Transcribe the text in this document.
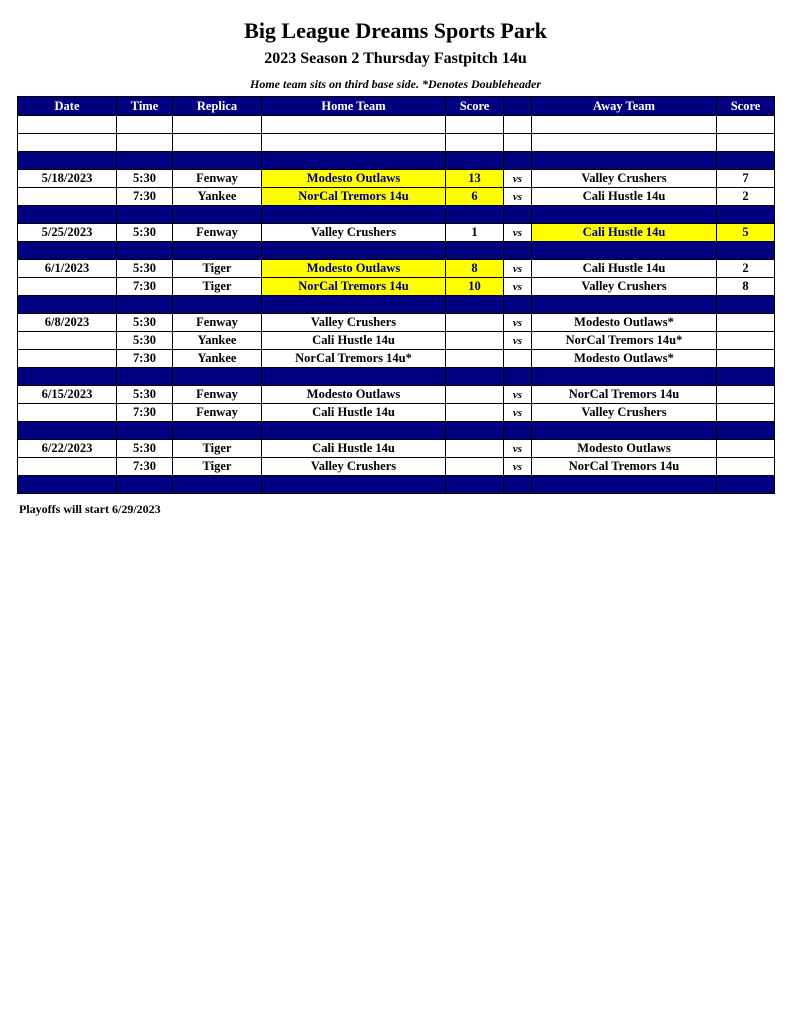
Big League Dreams Sports Park
2023 Season 2 Thursday Fastpitch 14u
Home team sits on third base side. *Denotes Doubleheader
Date	Time	Replica	Home Team	Score		Away Team	Score

5/18/2023	5:30	Fenway	Modesto Outlaws	13	vs	Valley Crushers	7
	7:30	Yankee	NorCal Tremors 14u	6	vs	Cali Hustle 14u	2

5/25/2023	5:30	Fenway	Valley Crushers	1	vs	Cali Hustle 14u	5

6/1/2023	5:30	Tiger	Modesto Outlaws	8	vs	Cali Hustle 14u	2
	7:30	Tiger	NorCal Tremors 14u	10	vs	Valley Crushers	8

6/8/2023	5:30	Fenway	Valley Crushers		vs	Modesto Outlaws*	
	5:30	Yankee	Cali Hustle 14u		vs	NorCal Tremors 14u*	
	7:30	Yankee	NorCal Tremors 14u*			Modesto Outlaws*	

6/15/2023	5:30	Fenway	Modesto Outlaws		vs	NorCal Tremors 14u	
	7:30	Fenway	Cali Hustle 14u		vs	Valley Crushers	

6/22/2023	5:30	Tiger	Cali Hustle 14u		vs	Modesto Outlaws	
	7:30	Tiger	Valley Crushers		vs	NorCal Tremors 14u	

Playoffs will start 6/29/2023
